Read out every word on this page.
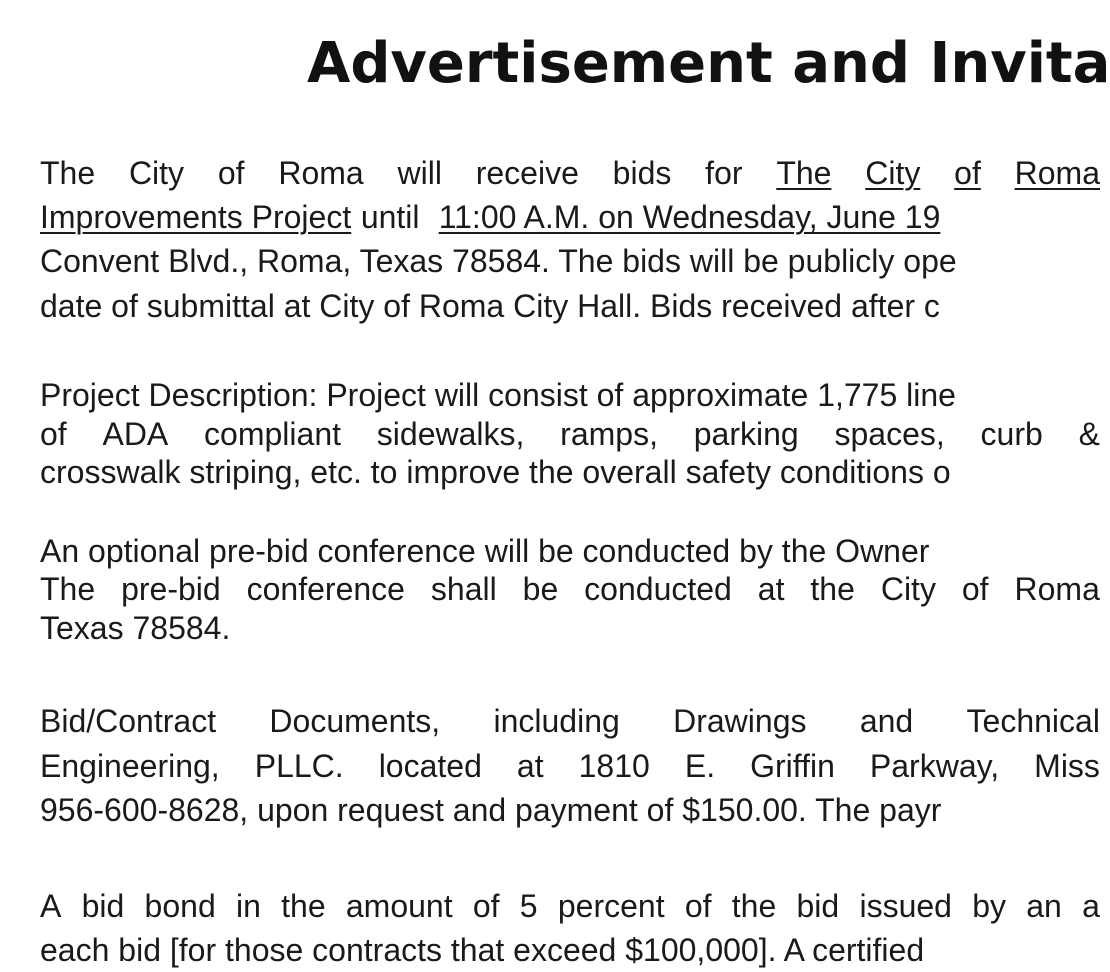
Advertisement and Invita
The City of Roma will receive bids for The City of Roma
Improvements Project until 11:00 A.M. on Wednesday, June 19
Convent Blvd., Roma, Texas 78584. The bids will be publicly ope
date of submittal at City of Roma City Hall. Bids received after c
Project Description: Project will consist of approximate 1,775 line
of ADA compliant sidewalks, ramps, parking spaces, curb &
crosswalk striping, etc. to improve the overall safety conditions o
An optional pre-bid conference will be conducted by the Owner
The pre-bid conference shall be conducted at the City of Roma
Texas 78584.
Bid/Contract Documents, including Drawings and Technical
Engineering, PLLC. located at 1810 E. Griffin Parkway, Miss
956-600-8628, upon request and payment of $150.00. The payr
A bid bond in the amount of 5 percent of the bid issued by an a
each bid [for those contracts that exceed $100,000]. A certified
